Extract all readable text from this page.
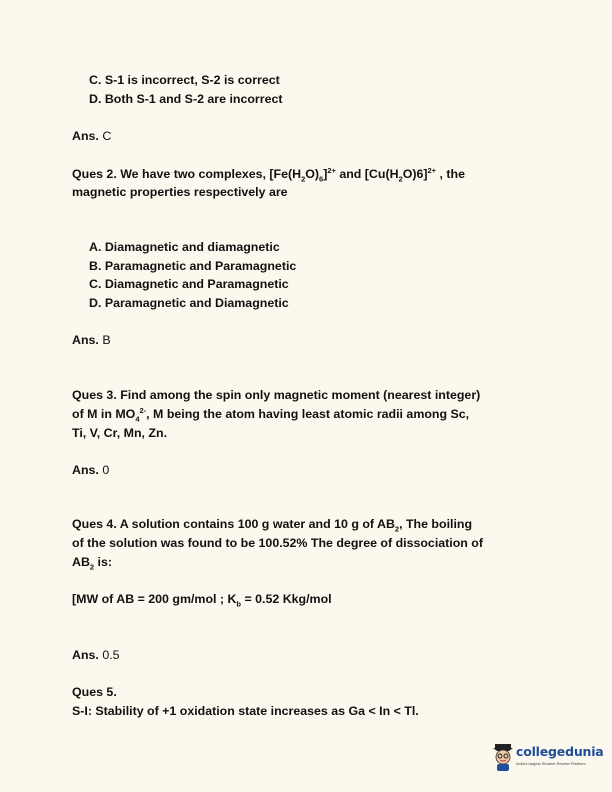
C. S-1 is incorrect, S-2 is correct
D. Both S-1 and S-2 are incorrect
Ans. C
Ques 2. We have two complexes, $[Fe(H_2O)_6]^{2+}$ and $[Cu(H_2O)6]^{2+}$ , the
magnetic properties respectively are
A. Diamagnetic and diamagnetic
B. Paramagnetic and Paramagnetic
C. Diamagnetic and Paramagnetic
D. Paramagnetic and Diamagnetic
Ans. B
Ques 3. Find among the spin only magnetic moment (nearest integer)
of M in $MO_4^{2-}$, M being the atom having least atomic radii among Sc,
Ti, V, Cr, Mn, Zn.
Ans. 0
Ques 4. A solution contains 100 g water and 10 g of $AB_2$, The boiling
of the solution was found to be 100.52% The degree of dissociation of
$AB_2$ is:
[MW of AB = 200 gm/mol ; $K_b = 0.52$ Kkg/mol
Ans. 0.5
Ques 5.
S-I: Stability of +1 oxidation state increases as Ga < In < Tl.
collegedunia
India's largest Student Review Platform
